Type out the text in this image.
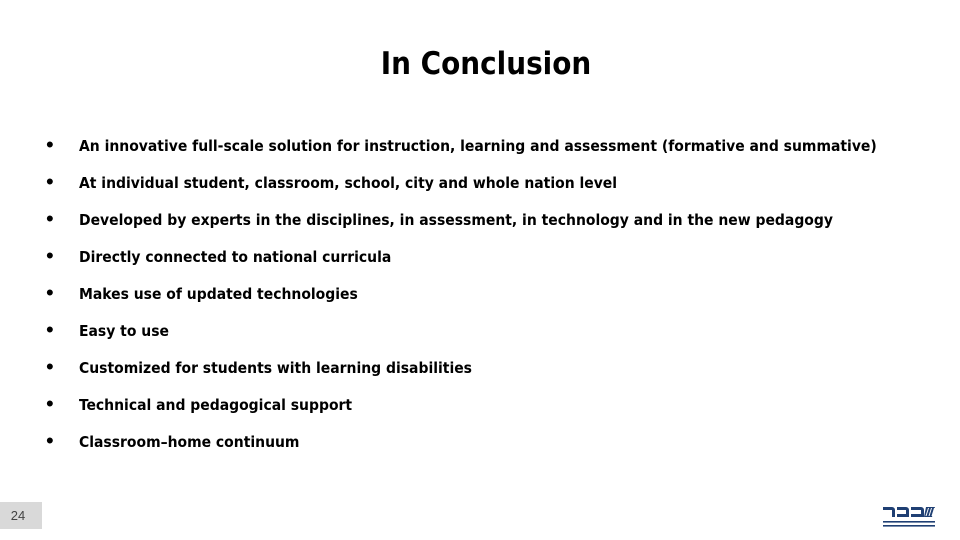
In Conclusion
• An innovative full-scale solution for instruction, learning and assessment (formative and summative)
• At individual student, classroom, school, city and whole nation level
• Developed by experts in the disciplines, in assessment, in technology and in the new pedagogy
• Directly connected to national curricula
• Makes use of updated technologies
• Easy to use
• Customized for students with learning disabilities
• Technical and pedagogical support
• Classroom–home continuum
24
